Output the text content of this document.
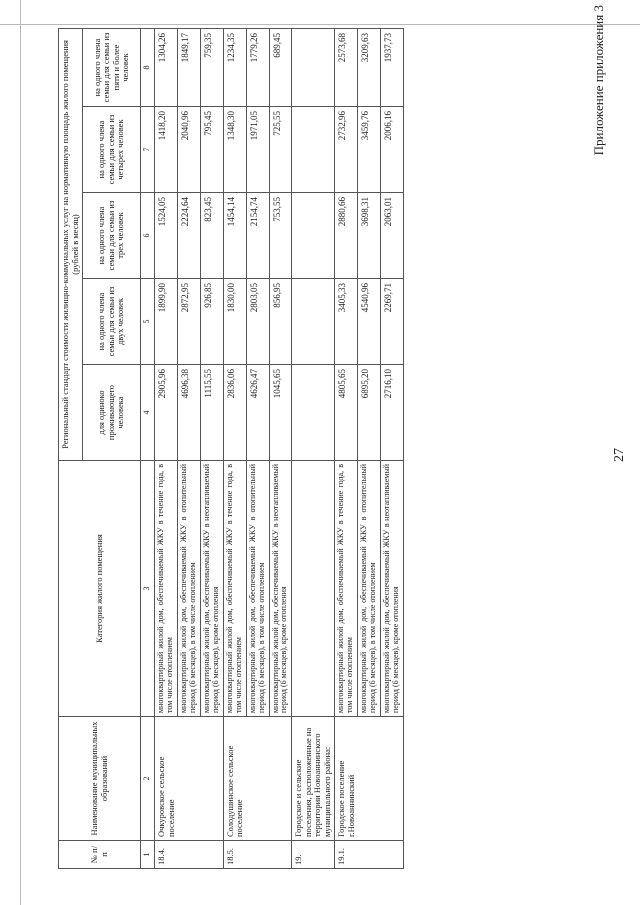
27
Приложение приложения 3
№ п/п	Наименование муниципальных образований	Категория жилого помещения	Региональный стандарт стоимости жилищно-коммунальных услуг на нормативную площадь жилого помещения (рублей в месяц)				
			для одиноко проживающего человека	на одного члена семьи для семьи из двух человек	на одного члена семьи для семьи из трех человек	на одного члена семьи для семьи из четырех человек	на одного члена семьи для семьи из пяти и более человек
1	2	3	4	5	6	7	8
18.4.	Очкуровское сельское поселение	многоквартирный жилой дом, обеспечиваемый ЖКУ в течение года, в том числе отоплением	2905,96	1899,90	1524,05	1418,20	1304,26
		многоквартирный жилой дом, обеспечиваемый ЖКУ в отопительный период (6 месяцев), в том числе отоплением	4696,38	2872,95	2224,64	2040,96	1849,17
		многоквартирный жилой дом, обеспечиваемый ЖКУ в неотапливаемый период (6 месяцев), кроме отопления	1115,55	926,85	823,45	795,45	759,35
18.5.	Солодушинское сельское поселение	многоквартирный жилой дом, обеспечиваемый ЖКУ в течение года, в том числе отоплением	2836,06	1830,00	1454,14	1348,30	1234,35
		многоквартирный жилой дом, обеспечиваемый ЖКУ в отопительный период (6 месяцев), в том числе отоплением	4626,47	2803,05	2154,74	1971,05	1779,26
		многоквартирный жилой дом, обеспечиваемый ЖКУ в неотапливаемый период (6 месяцев), кроме отопления	1045,65	856,95	753,55	725,55	689,45
19.	Городское и сельские поселения, расположенные на территории Новоаннинского муниципального района:						
19.1.	Городское поселение г.Новоаннинский	многоквартирный жилой дом, обеспечиваемый ЖКУ в течение года, в том числе отоплением	4805,65	3405,33	2880,66	2732,96	2573,68
		многоквартирный жилой дом, обеспечиваемый ЖКУ в отопительный период (6 месяцев), в том числе отоплением	6895,20	4540,96	3698,31	3459,76	3209,63
		многоквартирный жилой дом, обеспечиваемый ЖКУ в неотапливаемый период (6 месяцев), кроме отопления	2716,10	2269,71	2063,01	2006,16	1937,73
